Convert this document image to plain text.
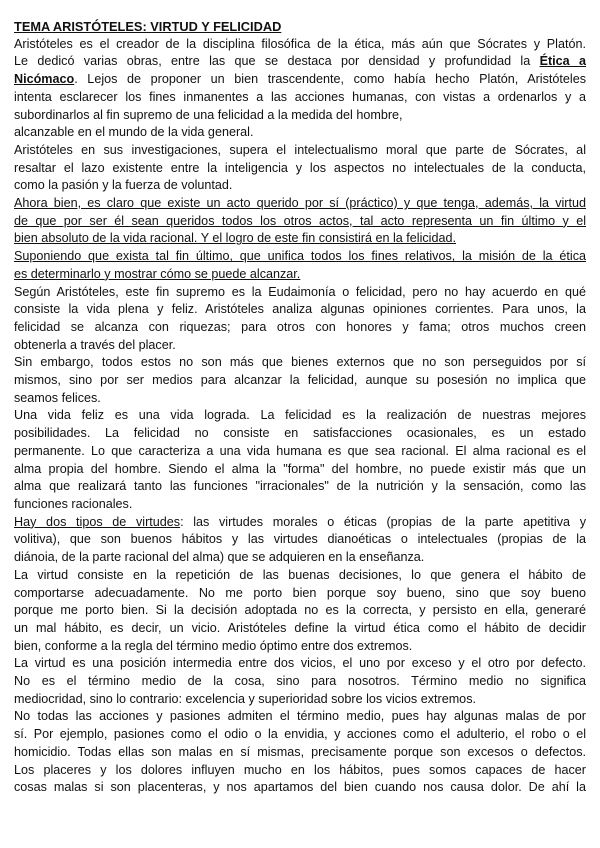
TEMA ARISTÓTELES: VIRTUD Y FELICIDAD
Aristóteles es el creador de la disciplina filosófica de la ética, más aún que Sócrates y Platón.
Le dedicó varias obras, entre las que se destaca por densidad y profundidad la Ética a
Nicómaco. Lejos de proponer un bien trascendente, como había hecho Platón, Aristóteles
intenta esclarecer los fines inmanentes a las acciones humanas, con vistas a ordenarlos y a
subordinarlos al fin supremo de una felicidad a la medida del hombre,
alcanzable en el mundo de la vida general.
Aristóteles en sus investigaciones, supera el intelectualismo moral que parte de Sócrates, al
resaltar el lazo existente entre la inteligencia y los aspectos no intelectuales de la conducta,
como la pasión y la fuerza de voluntad.
Ahora bien, es claro que existe un acto querido por sí (práctico) y que tenga, además, la virtud
de que por ser él sean queridos todos los otros actos, tal acto representa un fin último y el
bien absoluto de la vida racional. Y el logro de este fin consistirá en la felicidad.
Suponiendo que exista tal fin último, que unifica todos los fines relativos, la misión de la ética
es determinarlo y mostrar cómo se puede alcanzar.
Según Aristóteles, este fin supremo es la Eudaimonía o felicidad, pero no hay acuerdo en qué
consiste la vida plena y feliz. Aristóteles analiza algunas opiniones corrientes. Para unos, la
felicidad se alcanza con riquezas; para otros con honores y fama; otros muchos creen
obtenerla a través del placer.
Sin embargo, todos estos no son más que bienes externos que no son perseguidos por sí
mismos, sino por ser medios para alcanzar la felicidad, aunque su posesión no implica que
seamos felices.
Una vida feliz es una vida lograda. La felicidad es la realización de nuestras mejores
posibilidades. La felicidad no consiste en satisfacciones ocasionales, es un estado
permanente. Lo que caracteriza a una vida humana es que sea racional. El alma racional es el
alma propia del hombre. Siendo el alma la "forma" del hombre, no puede existir más que un
alma que realizará tanto las funciones "irracionales" de la nutrición y la sensación, como las
funciones racionales.
Hay dos tipos de virtudes: las virtudes morales o éticas (propias de la parte apetitiva y
volitiva), que son buenos hábitos y las virtudes dianoéticas o intelectuales (propias de la
diánoia, de la parte racional del alma) que se adquieren en la enseñanza.
La virtud consiste en la repetición de las buenas decisiones, lo que genera el hábito de
comportarse adecuadamente. No me porto bien porque soy bueno, sino que soy bueno
porque me porto bien. Si la decisión adoptada no es la correcta, y persisto en ella, generaré
un mal hábito, es decir, un vicio. Aristóteles define la virtud ética como el hábito de decidir
bien, conforme a la regla del término medio óptimo entre dos extremos.
La virtud es una posición intermedia entre dos vicios, el uno por exceso y el otro por defecto.
No es el término medio de la cosa, sino para nosotros. Término medio no significa
mediocridad, sino lo contrario: excelencia y superioridad sobre los vicios extremos.
No todas las acciones y pasiones admiten el término medio, pues hay algunas malas de por
sí. Por ejemplo, pasiones como el odio o la envidia, y acciones como el adulterio, el robo o el
homicidio. Todas ellas son malas en sí mismas, precisamente porque son excesos o defectos.
Los placeres y los dolores influyen mucho en los hábitos, pues somos capaces de hacer
cosas malas si son placenteras, y nos apartamos del bien cuando nos causa dolor. De ahí la
